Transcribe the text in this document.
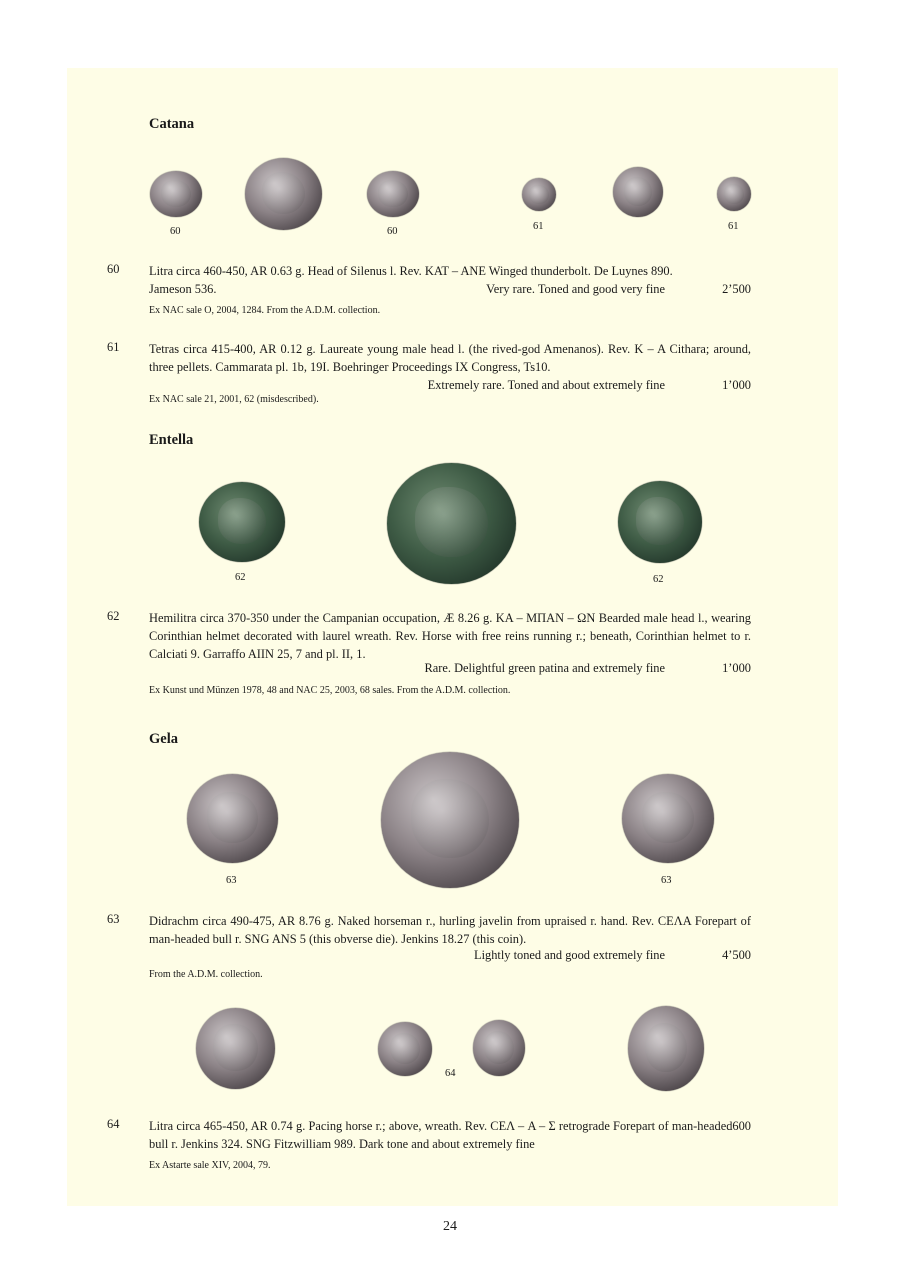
Catana
60	60	61	61
60 Litra circa 460-450, AR 0.63 g. Head of Silenus l. Rev. KAT – ANE Winged thunderbolt. De Luynes 890.

Jameson 536.	Very rare. Toned and good very fine	2’500
Ex NAC sale O, 2004, 1284. From the A.D.M. collection.
61 Tetras circa 415-400, AR 0.12 g. Laureate young male head l. (the rived-god Amenanos). Rev. K – A Cithara; around, three pellets. Cammarata pl. 1b, 19I. Boehringer Proceedings IX Congress, Ts10.
Extremely rare. Toned and about extremely fine	1’000
Ex NAC sale 21, 2001, 62 (misdescribed).
Entella
62	62
62 Hemilitra circa 370-350 under the Campanian occupation, Æ 8.26 g. KA – ΜΠΑΝ – ΩΝ Bearded male head l., wearing Corinthian helmet decorated with laurel wreath. Rev. Horse with free reins running r.; beneath, Corinthian helmet to r. Calciati 9. Garraffo AIIN 25, 7 and pl. II, 1.
Rare. Delightful green patina and extremely fine	1’000
Ex Kunst und Münzen 1978, 48 and NAC 25, 2003, 68 sales. From the A.D.M. collection.
Gela
63	63
63 Didrachm circa 490-475, AR 8.76 g. Naked horseman r., hurling javelin from upraised r. hand. Rev. CEΛA Forepart of man-headed bull r. SNG ANS 5 (this obverse die). Jenkins 18.27 (this coin).
Lightly toned and good extremely fine	4’500
From the A.D.M. collection.
64
64	600
Litra circa 465-450, AR 0.74 g. Pacing horse r.; above, wreath. Rev. CEΛ – A – Σ retrograde Forepart of man-headed bull r. Jenkins 324. SNG Fitzwilliam 989. Dark tone and about extremely fine
Ex Astarte sale XIV, 2004, 79.
24
